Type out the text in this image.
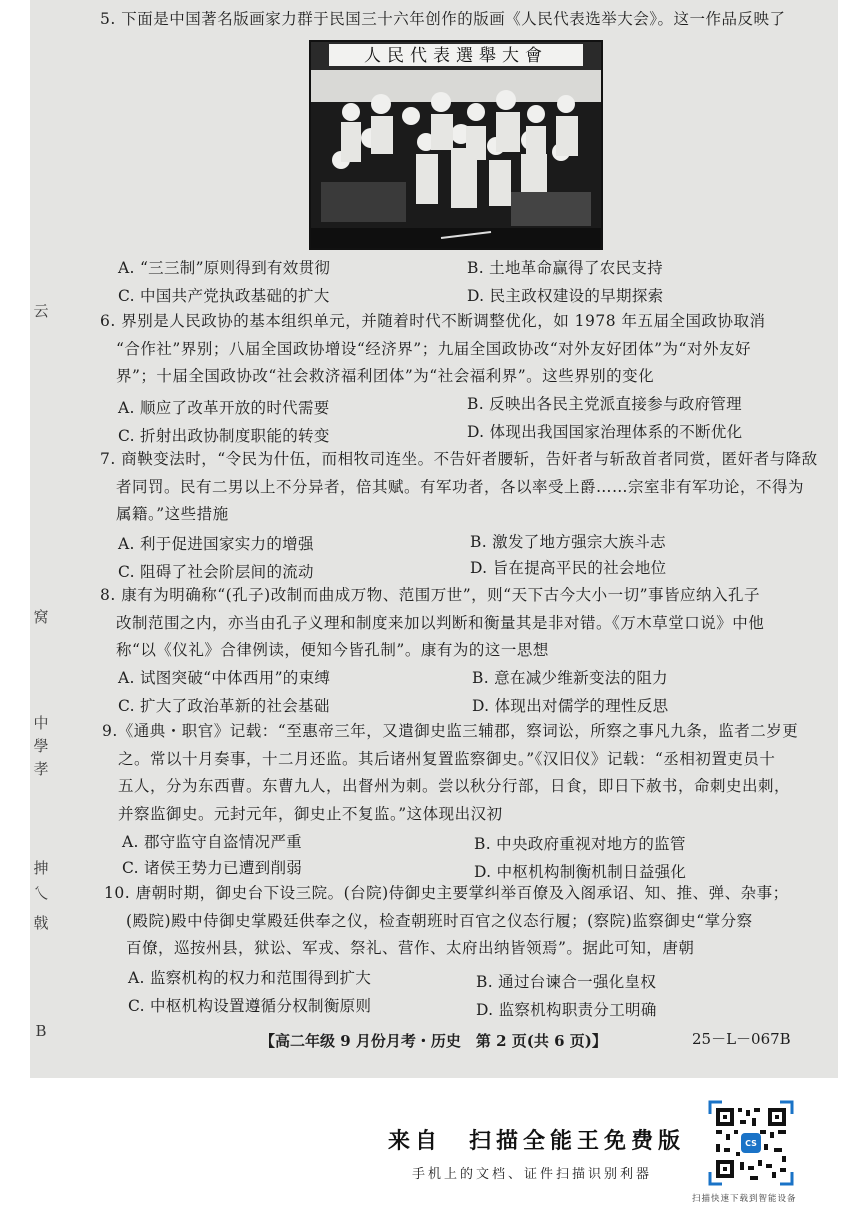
云
窝
中
學
孝
抻
乀
戟
B
5. 下面是中国著名版画家力群于民国三十六年创作的版画《人民代表选举大会》。这一作品反映了
人民代表選舉大會
A. “三三制”原则得到有效贯彻	B. 土地革命赢得了农民支持
C. 中国共产党执政基础的扩大	D. 民主政权建设的早期探索
6. 界别是人民政协的基本组织单元，并随着时代不断调整优化，如 1978 年五届全国政协取消
“合作社”界别；八届全国政协增设“经济界”；九届全国政协改“对外友好团体”为“对外友好
界”；十届全国政协改“社会救济福利团体”为“社会福利界”。这些界别的变化
A. 顺应了改革开放的时代需要	B. 反映出各民主党派直接参与政府管理
C. 折射出政协制度职能的转变	D. 体现出我国国家治理体系的不断优化
7. 商鞅变法时，“令民为什伍，而相牧司连坐。不告奸者腰斩，告奸者与斩敌首者同赏，匿奸者与降敌
者同罚。民有二男以上不分异者，倍其赋。有军功者，各以率受上爵……宗室非有军功论，不得为
属籍。”这些措施
A. 利于促进国家实力的增强	B. 激发了地方强宗大族斗志
C. 阻碍了社会阶层间的流动	D. 旨在提高平民的社会地位
8. 康有为明确称“(孔子)改制而曲成万物、范围万世”，则“天下古今大小一切”事皆应纳入孔子
改制范围之内，亦当由孔子义理和制度来加以判断和衡量其是非对错。《万木草堂口说》中他
称“以《仪礼》合律例读，便知今皆孔制”。康有为的这一思想
A. 试图突破“中体西用”的束缚	B. 意在减少维新变法的阻力
C. 扩大了政治革新的社会基础	D. 体现出对儒学的理性反思
9.《通典・职官》记载：“至惠帝三年，又遣御史监三辅郡，察词讼，所察之事凡九条，监者二岁更
之。常以十月奏事，十二月还监。其后诸州复置监察御史。”《汉旧仪》记载：“丞相初置吏员十
五人，分为东西曹。东曹九人，出督州为刺。尝以秋分行部，日食，即日下赦书，命刺史出刺，
并察监御史。元封元年，御史止不复监。”这体现出汉初
A. 郡守监守自盗情况严重	B. 中央政府重视对地方的监管
C. 诸侯王势力已遭到削弱	D. 中枢机构制衡机制日益强化
10. 唐朝时期，御史台下设三院。(台院)侍御史主要掌纠举百僚及入阁承诏、知、推、弹、杂事；
(殿院)殿中侍御史掌殿廷供奉之仪，检查朝班时百官之仪态行履；(察院)监察御史“掌分察
百僚，巡按州县，狱讼、军戎、祭礼、营作、太府出纳皆领焉”。据此可知，唐朝
A. 监察机构的权力和范围得到扩大	B. 通过台谏合一强化皇权
C. 中枢机构设置遵循分权制衡原则	D. 监察机构职责分工明确
【高二年级 9 月份月考・历史　第 2 页(共 6 页)】	25－L－067B
来自　扫描全能王免费版
手机上的文档、证件扫描识别利器
CS
扫描快速下载到智能设备
